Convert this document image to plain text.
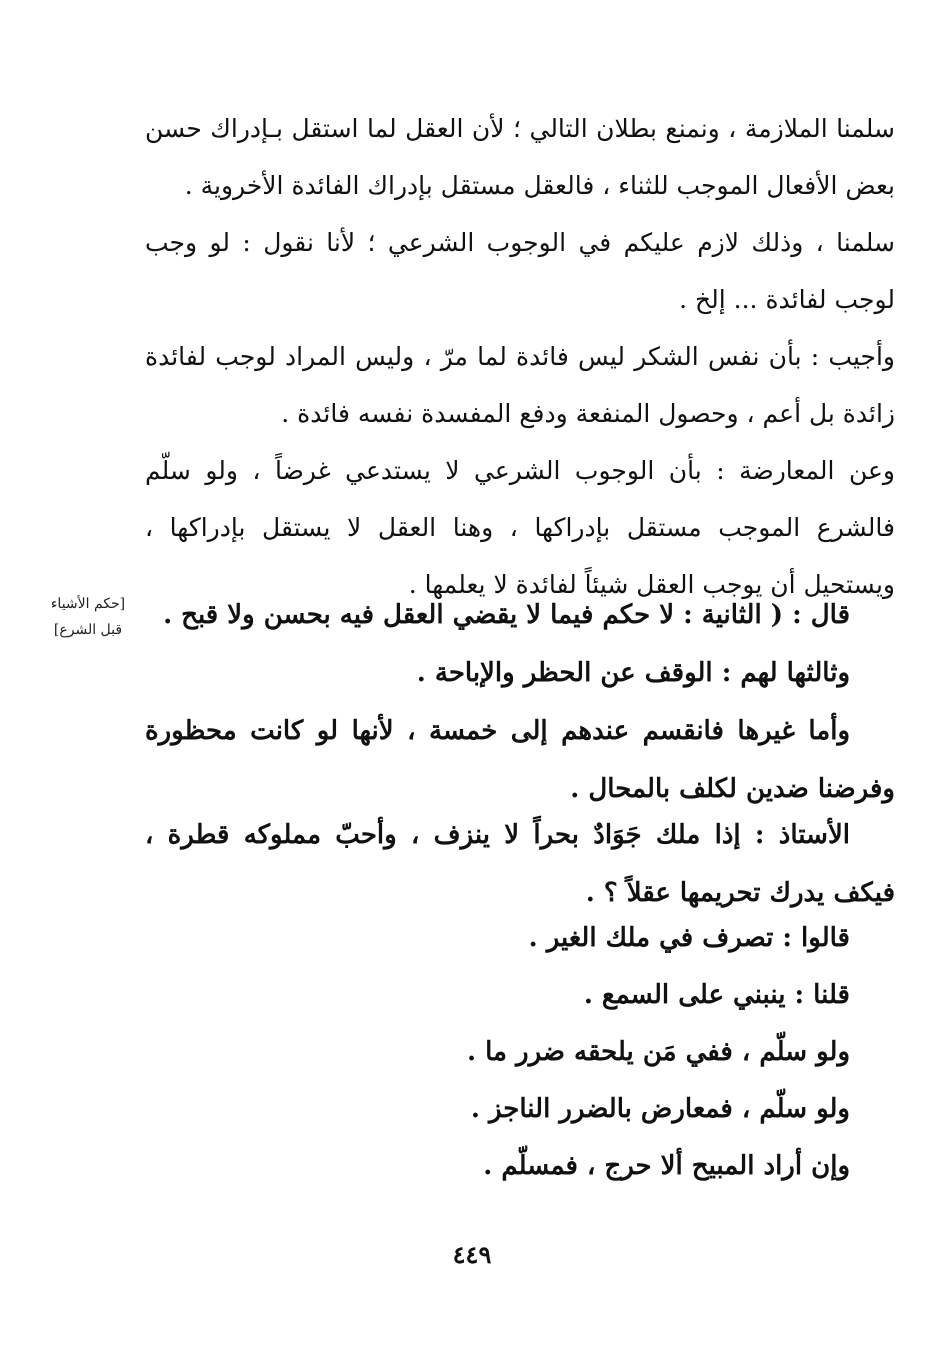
سلمنا الملازمة ، ونمنع بطلان التالي ؛ لأن العقل لما استقل بـإدراك حسن بعض الأفعال الموجب للثناء ، فالعقل مستقل بإدراك الفائدة الأخروية .

سلمنا ، وذلك لازم عليكم في الوجوب الشرعي ؛ لأنا نقول : لو وجب لوجب لفائدة ... إلخ .

وأجيب : بأن نفس الشكر ليس فائدة لما مرّ ، وليس المراد لوجب لفائدة زائدة بل أعم ، وحصول المنفعة ودفع المفسدة نفسه فائدة .

وعن المعارضة : بأن الوجوب الشرعي لا يستدعي غرضاً ، ولو سلّم فالشرع الموجب مستقل بإدراكها ، وهنا العقل لا يستقل بإدراكها ، ويستحيل أن يوجب العقل شيئاً لفائدة لا يعلمها .

[حكم الأشياء
قبل الشرع]	قال : ( الثانية : لا حكم فيما لا يقضي العقل فيه بحسن ولا قبح .

وثالثها لهم : الوقف عن الحظر والإباحة .

وأما غيرها فانقسم عندهم إلى خمسة ، لأنها لو كانت محظورة وفرضنا ضدين لكلف بالمحال .

الأستاذ : إذا ملك جَوَادٌ بحراً لا ينزف ، وأحبّ مملوكه قطرة ، فيكف يدرك تحريمها عقلاً ؟ .

قالوا : تصرف في ملك الغير .

قلنا : ينبني على السمع .

ولو سلّم ، ففي مَن يلحقه ضرر ما .

ولو سلّم ، فمعارض بالضرر الناجز .

وإن أراد المبيح ألا حرج ، فمسلّم .

٤٤٩
